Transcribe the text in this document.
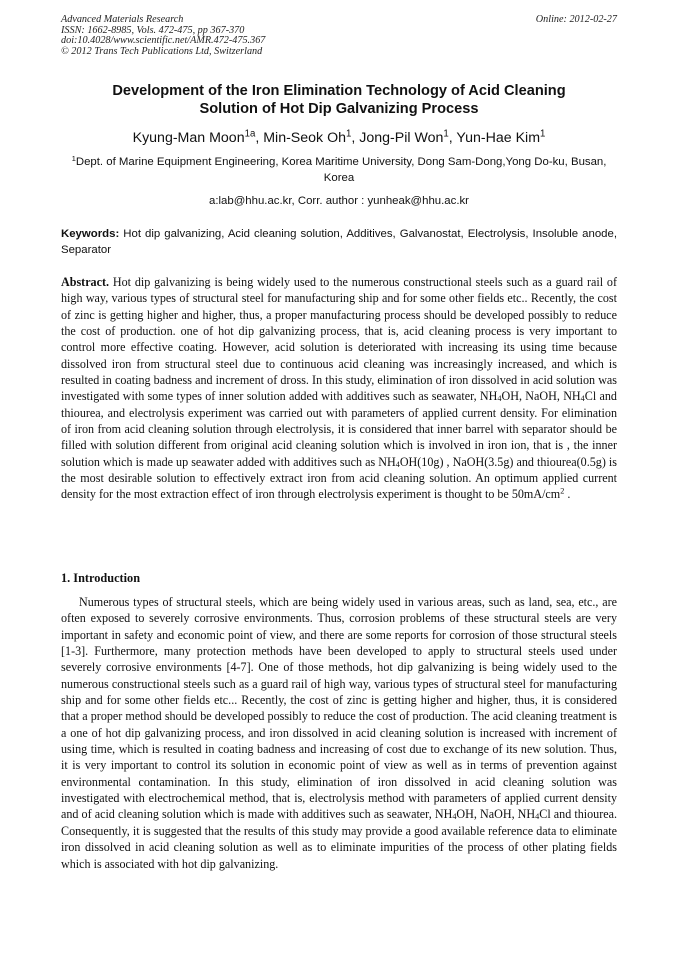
Advanced Materials Research
ISSN: 1662-8985, Vols. 472-475, pp 367-370
doi:10.4028/www.scientific.net/AMR.472-475.367
© 2012 Trans Tech Publications Ltd, Switzerland
Online: 2012-02-27
Development of the Iron Elimination Technology of Acid Cleaning
Solution of Hot Dip Galvanizing Process
Kyung-Man Moon$^{1a}$, Min-Seok Oh$^1$, Jong-Pil Won$^1$, Yun-Hae Kim$^1$
$^1$Dept. of Marine Equipment Engineering, Korea Maritime University, Dong Sam-Dong,Yong Do-ku, Busan, Korea
a:lab@hhu.ac.kr, Corr. author : yunheak@hhu.ac.kr
Keywords: Hot dip galvanizing, Acid cleaning solution, Additives, Galvanostat, Electrolysis, Insoluble anode, Separator
Abstract. Hot dip galvanizing is being widely used to the numerous constructional steels such as a guard rail of high way, various types of structural steel for manufacturing ship and for some other fields etc.. Recently, the cost of zinc is getting higher and higher, thus, a proper manufacturing process should be developed possibly to reduce the cost of production. one of hot dip galvanizing process, that is, acid cleaning process is very important to control more effective coating. However, acid solution is deteriorated with increasing its using time because dissolved iron from structural steel due to continuous acid cleaning was increasingly increased, and which is resulted in coating badness and increment of dross. In this study, elimination of iron dissolved in acid solution was investigated with some types of inner solution added with additives such as seawater, $NH_4OH$, NaOH, $NH_4Cl$ and thiourea, and electrolysis experiment was carried out with parameters of applied current density. For elimination of iron from acid cleaning solution through electrolysis, it is considered that inner barrel with separator should be filled with solution different from original acid cleaning solution which is involved in iron ion, that is , the inner solution which is made up seawater added with additives such as $NH_4OH(10g)$ , NaOH(3.5g) and thiourea(0.5g) is the most desirable solution to effectively extract iron from acid cleaning solution. An optimum applied current density for the most extraction effect of iron through electrolysis experiment is thought to be $50mA/cm^2$ .
1. Introduction
Numerous types of structural steels, which are being widely used in various areas, such as land, sea, etc., are often exposed to severely corrosive environments. Thus, corrosion problems of these structural steels are very important in safety and economic point of view, and there are some reports for corrosion of those structural steels [1-3]. Furthermore, many protection methods have been developed to apply to structural steels used under severely corrosive environments [4-7]. One of those methods, hot dip galvanizing is being widely used to the numerous constructional steels such as a guard rail of high way, various types of structural steel for manufacturing ship and for some other fields etc... Recently, the cost of zinc is getting higher and higher, thus, it is considered that a proper method should be developed possibly to reduce the cost of production. The acid cleaning treatment is a one of hot dip galvanizing process, and iron dissolved in acid cleaning solution is increased with increment of using time, which is resulted in coating badness and increasing of cost due to exchange of its new solution. Thus, it is very important to control its solution in economic point of view as well as in terms of prevention against environmental contamination. In this study, elimination of iron dissolved in acid cleaning solution was investigated with electrochemical method, that is, electrolysis method with parameters of applied current density and of acid cleaning solution which is made with additives such as seawater, $NH_4OH$, NaOH, $NH_4Cl$ and thiourea. Consequently, it is suggested that the results of this study may provide a good available reference data to eliminate iron dissolved in acid cleaning solution as well as to eliminate impurities of the process of other plating fields which is associated with hot dip galvanizing.
